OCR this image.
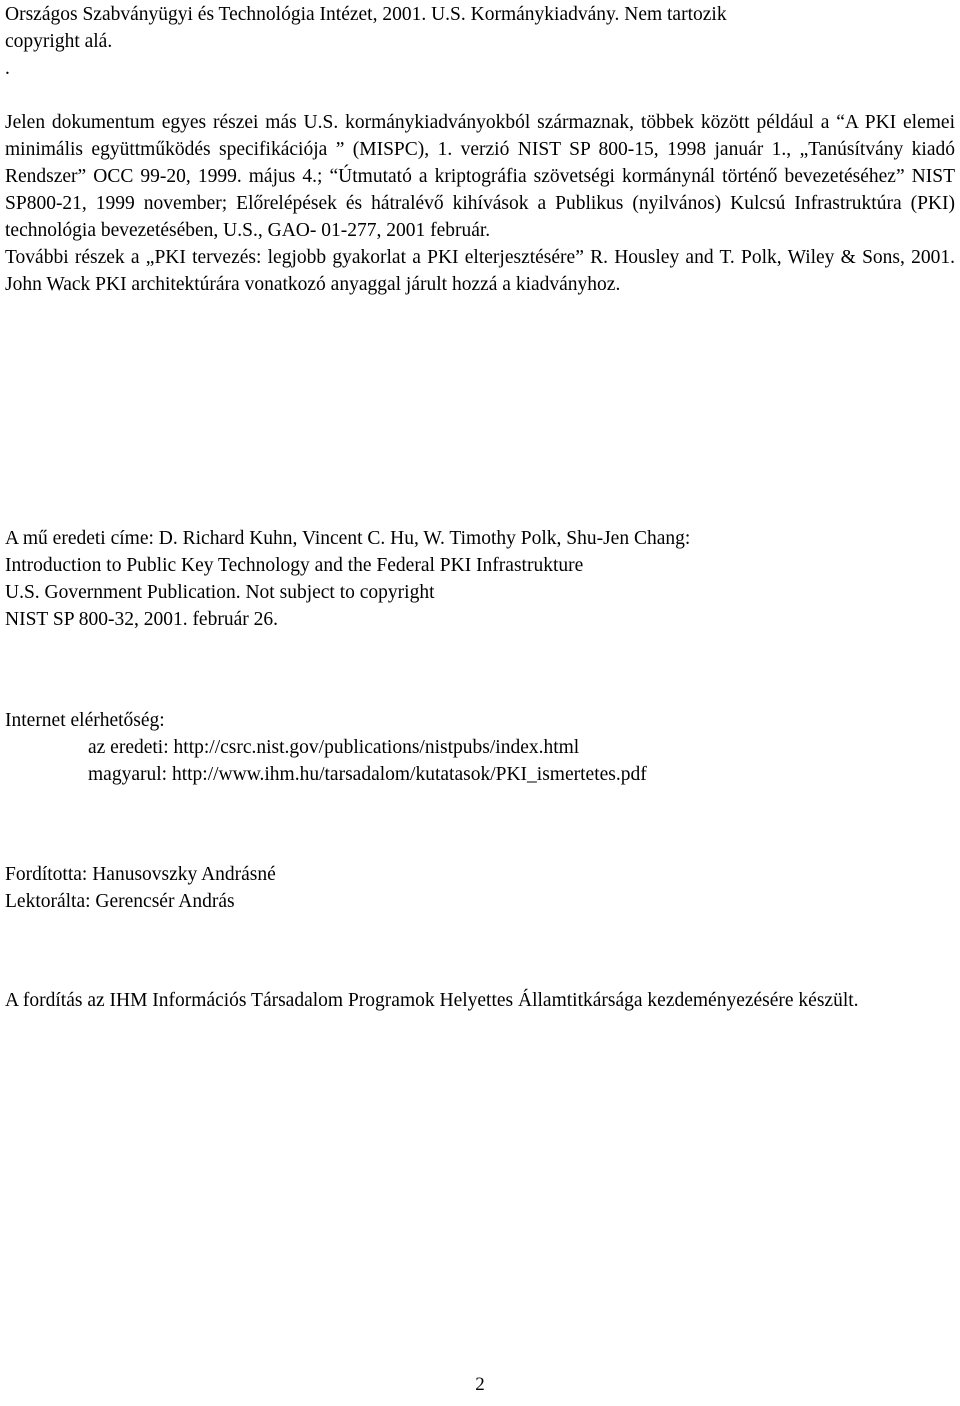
Országos Szabványügyi és Technológia Intézet, 2001. U.S. Kormánykiadvány. Nem tartozik

copyright alá.

.

Jelen dokumentum egyes részei más U.S. kormánykiadványokból származnak, többek között például a “A PKI elemei minimális együttműködés specifikációja ” (MISPC), 1. verzió NIST SP 800-15, 1998 január 1., „Tanúsítvány kiadó Rendszer” OCC 99-20, 1999. május 4.; “Útmutató a kriptográfia szövetségi kormánynál történő bevezetéséhez” NIST SP800-21, 1999 november; Előrelépések és hátralévő kihívások a Publikus (nyilvános) Kulcsú Infrastruktúra (PKI) technológia bevezetésében, U.S., GAO- 01-277, 2001 február.

További részek a „PKI tervezés: legjobb gyakorlat a PKI elterjesztésére” R. Housley and T. Polk, Wiley & Sons, 2001. John Wack PKI architektúrára vonatkozó anyaggal járult hozzá a kiadványhoz.

A mű eredeti címe: D. Richard Kuhn, Vincent C. Hu, W. Timothy Polk, Shu-Jen Chang:

Introduction to Public Key Technology and the Federal PKI Infrastrukture

U.S. Government Publication. Not subject to copyright

NIST SP 800-32, 2001. február 26.

Internet elérhetőség:

az eredeti: http://csrc.nist.gov/publications/nistpubs/index.html

magyarul: http://www.ihm.hu/tarsadalom/kutatasok/PKI_ismertetes.pdf

Fordította: Hanusovszky Andrásné

Lektorálta: Gerencsér András

A fordítás az IHM Információs Társadalom Programok Helyettes Államtitkársága kezdeményezésére készült.

2
